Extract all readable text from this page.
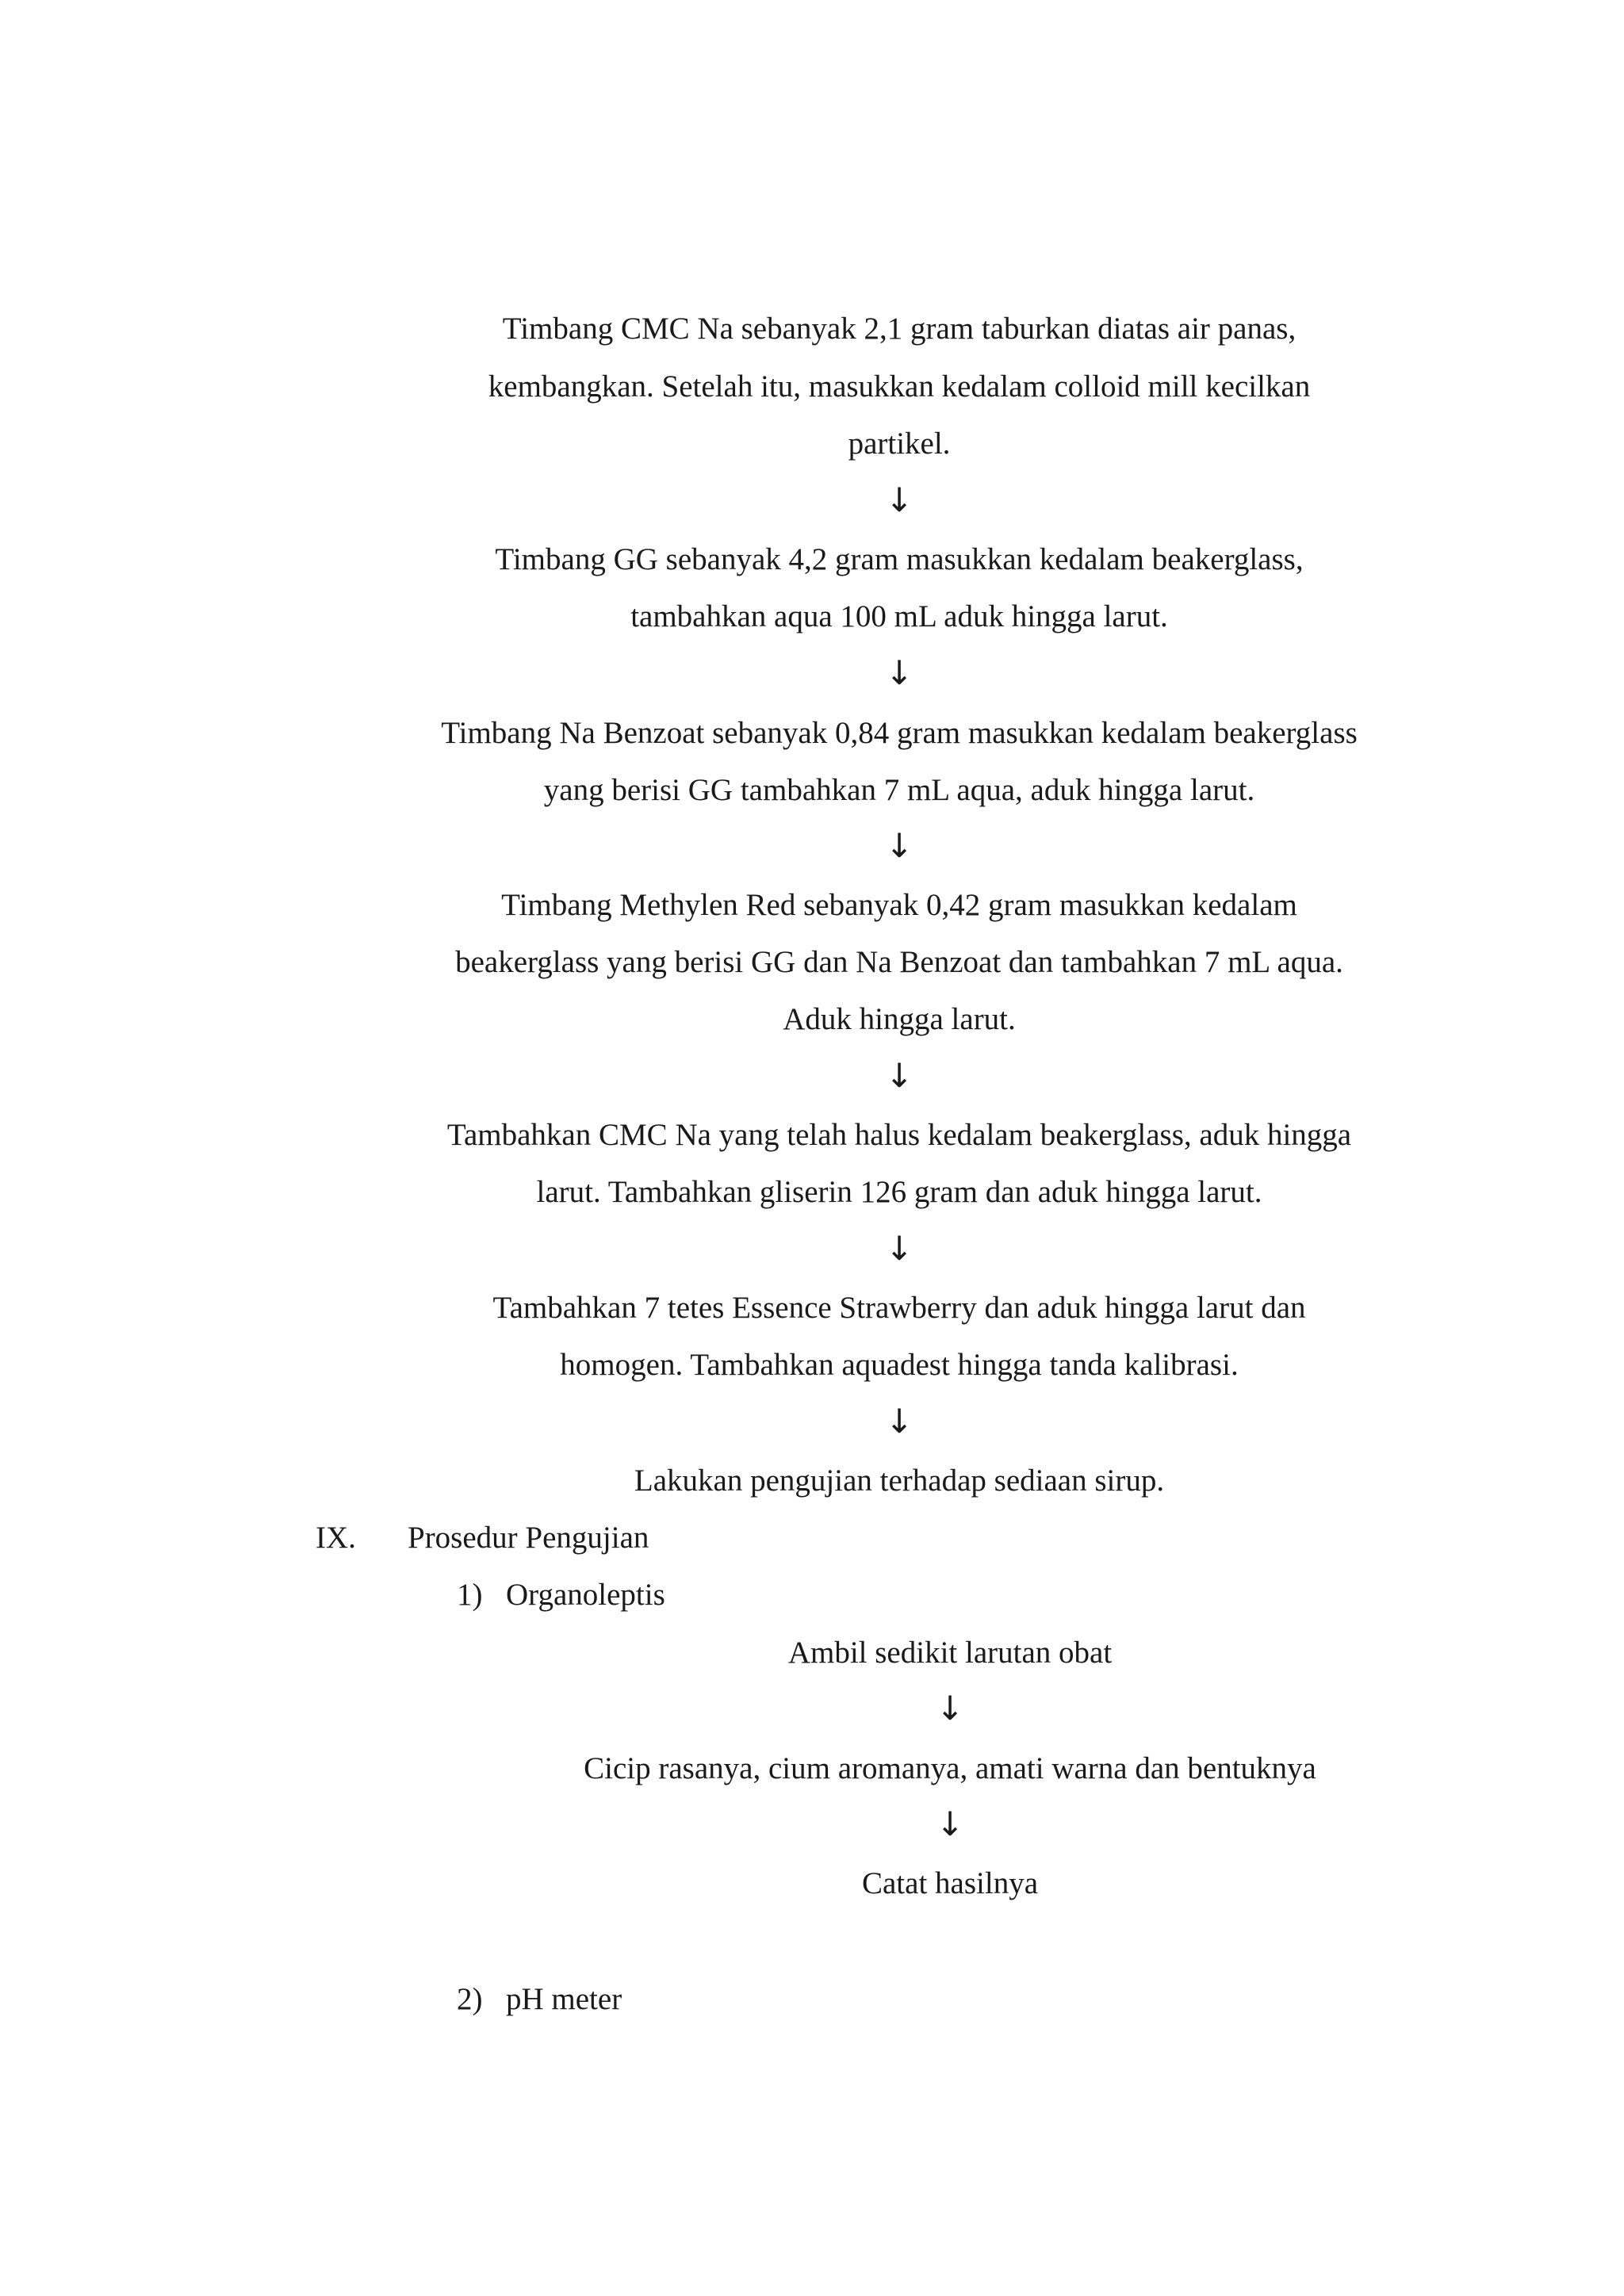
Timbang CMC Na sebanyak 2,1 gram taburkan diatas air panas,
kembangkan. Setelah itu, masukkan kedalam colloid mill kecilkan
partikel.
↓
Timbang GG sebanyak 4,2 gram masukkan kedalam beakerglass,
tambahkan aqua 100 mL aduk hingga larut.
↓
Timbang Na Benzoat sebanyak 0,84 gram masukkan kedalam beakerglass
yang berisi GG tambahkan 7 mL aqua, aduk hingga larut.
↓
Timbang Methylen Red sebanyak 0,42 gram masukkan kedalam
beakerglass yang berisi GG dan Na Benzoat dan tambahkan 7 mL aqua.
Aduk hingga larut.
↓
Tambahkan CMC Na yang telah halus kedalam beakerglass, aduk hingga
larut. Tambahkan gliserin 126 gram dan aduk hingga larut.
↓
Tambahkan 7 tetes Essence Strawberry dan aduk hingga larut dan
homogen. Tambahkan aquadest hingga tanda kalibrasi.
↓
Lakukan pengujian terhadap sediaan sirup.
IX. Prosedur Pengujian
1) Organoleptis
Ambil sedikit larutan obat
↓
Cicip rasanya, cium aromanya, amati warna dan bentuknya
↓
Catat hasilnya
2) pH meter
